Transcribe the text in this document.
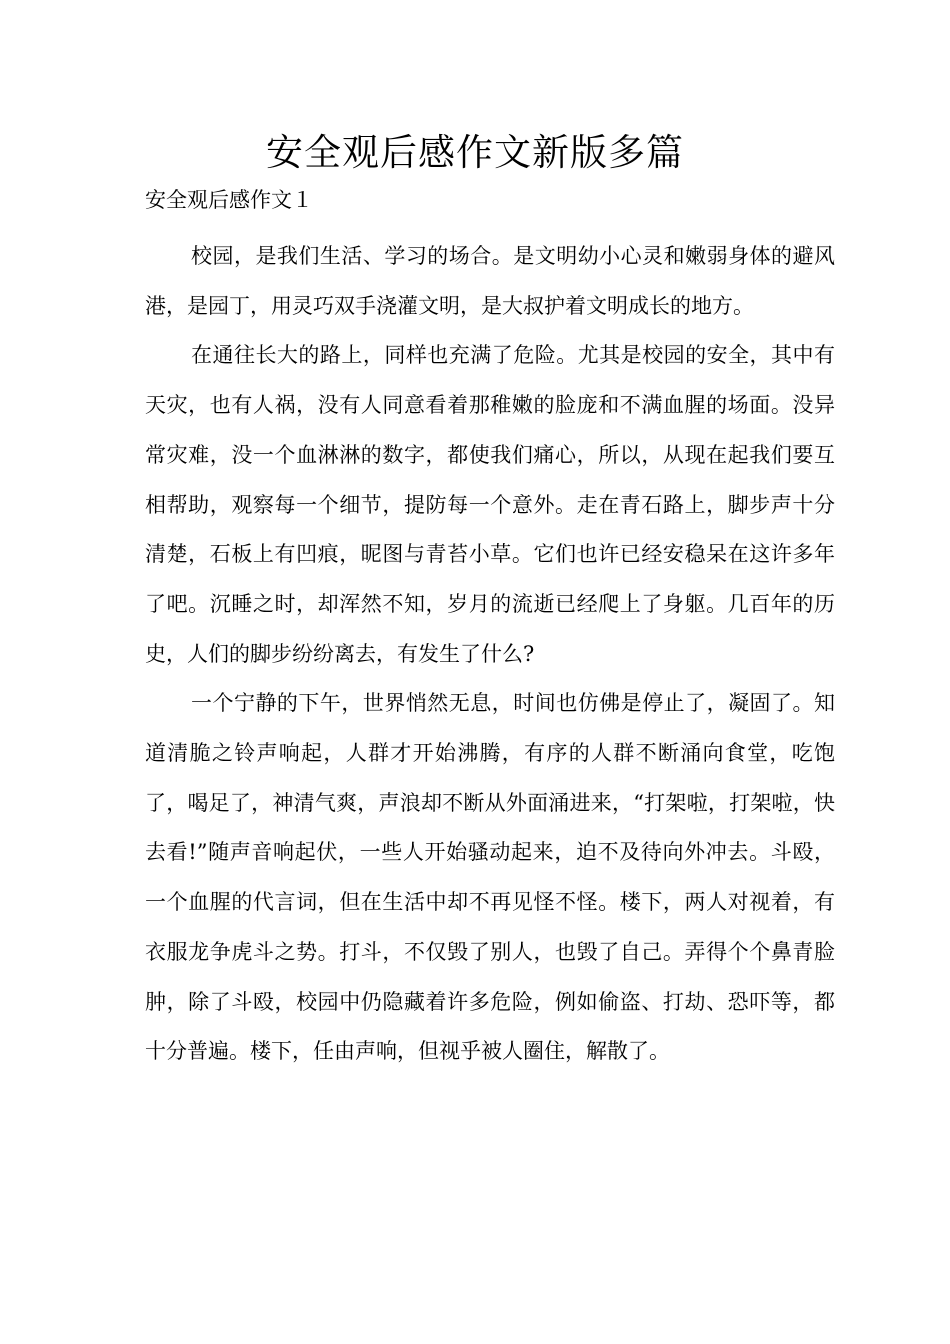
安全观后感作文新版多篇
安全观后感作文１

校园，是我们生活、学习的场合。是文明幼小心灵和嫩弱身体的避风港，是园丁，用灵巧双手浇灌文明，是大叔护着文明成长的地方。

在通往长大的路上，同样也充满了危险。尤其是校园的安全，其中有天灾，也有人祸，没有人同意看着那稚嫩的脸庞和不满血腥的场面。没异常灾难，没一个血淋淋的数字，都使我们痛心，所以，从现在起我们要互相帮助，观察每一个细节，提防每一个意外。走在青石路上，脚步声十分清楚，石板上有凹痕，昵图与青苔小草。它们也许已经安稳呆在这许多年了吧。沉睡之时，却浑然不知，岁月的流逝已经爬上了身躯。几百年的历史，人们的脚步纷纷离去，有发生了什么?

一个宁静的下午，世界悄然无息，时间也仿佛是停止了，凝固了。知道清脆之铃声响起，人群才开始沸腾，有序的人群不断涌向食堂，吃饱了，喝足了，神清气爽，声浪却不断从外面涌进来，“打架啦，打架啦，快去看!”随声音响起伏，一些人开始骚动起来，迫不及待向外冲去。斗殴，一个血腥的代言词，但在生活中却不再见怪不怪。楼下，两人对视着，有衣服龙争虎斗之势。打斗，不仅毁了别人，也毁了自己。弄得个个鼻青脸肿，除了斗殴，校园中仍隐藏着许多危险，例如偷盗、打劫、恐吓等，都十分普遍。楼下，任由声响，但视乎被人圈住，解散了。
